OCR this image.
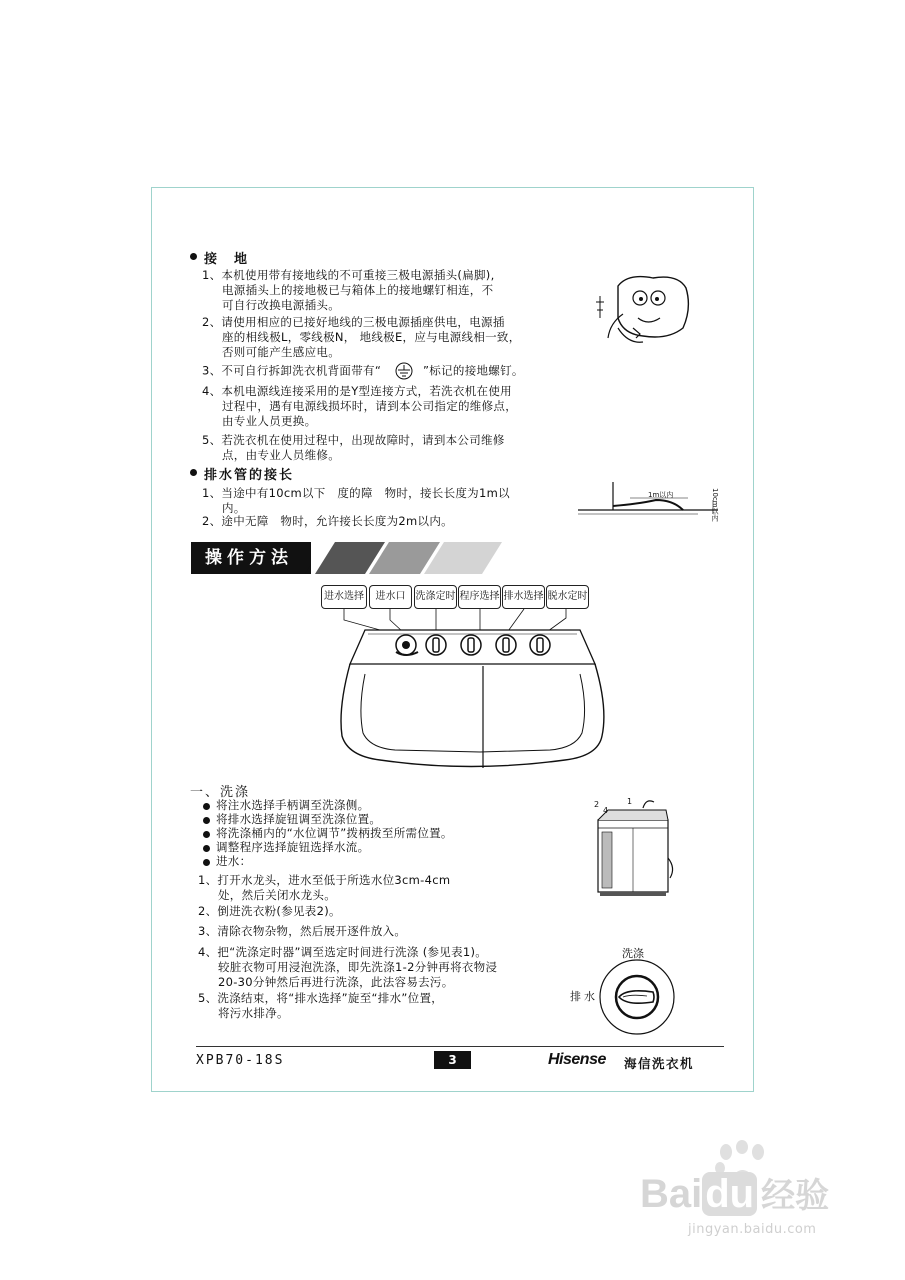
接　地
1、本机使用带有接地线的不可重接三极电源插头(扁脚),
电源插头上的接地极已与箱体上的接地螺钉相连，不
可自行改换电源插头。
2、请使用相应的已接好地线的三极电源插座供电，电源插
座的相线极L，零线极N， 地线极E，应与电源线相一致，
否则可能产生感应电。
3、不可自行拆卸洗衣机背面带有“	”标记的接地螺钉。
4、本机电源线连接采用的是Y型连接方式，若洗衣机在使用
过程中，遇有电源线损坏时，请到本公司指定的维修点，
由专业人员更换。
5、若洗衣机在使用过程中，出现故障时，请到本公司维修
点，由专业人员维修。
排水管的接长
1、当途中有10cm以下　度的障　物时，接长长度为1m以
内。
2、途中无障　物时，允许接长长度为2m以内。
1m以内	10cm以内
操作方法
进水选择	进水口	洗涤定时 程序选择 排水选择 脱水定时
一、洗涤
将注水选择手柄调至洗涤侧。
将排水选择旋钮调至洗涤位置。
将洗涤桶内的“水位调节”拨柄拨至所需位置。
调整程序选择旋钮选择水流。
进水：
1、打开水龙头，进水至低于所选水位3cm-4cm
处，然后关闭水龙头。
2、倒进洗衣粉(参见表2)。
3、清除衣物杂物，然后展开逐件放入。
4、把“洗涤定时器”调至选定时间进行洗涤 (参见表1)。
较脏衣物可用浸泡洗涤，即先洗涤1-2分钟再将衣物浸
20-30分钟然后再进行洗涤，此法容易去污。
5、洗涤结束，将“排水选择”旋至“排水”位置，
将污水排净。
2
4
1
洗涤
排水
XPB70-18S	3	Hisense 海信洗衣机
Baidu 经验
jingyan.baidu.com
